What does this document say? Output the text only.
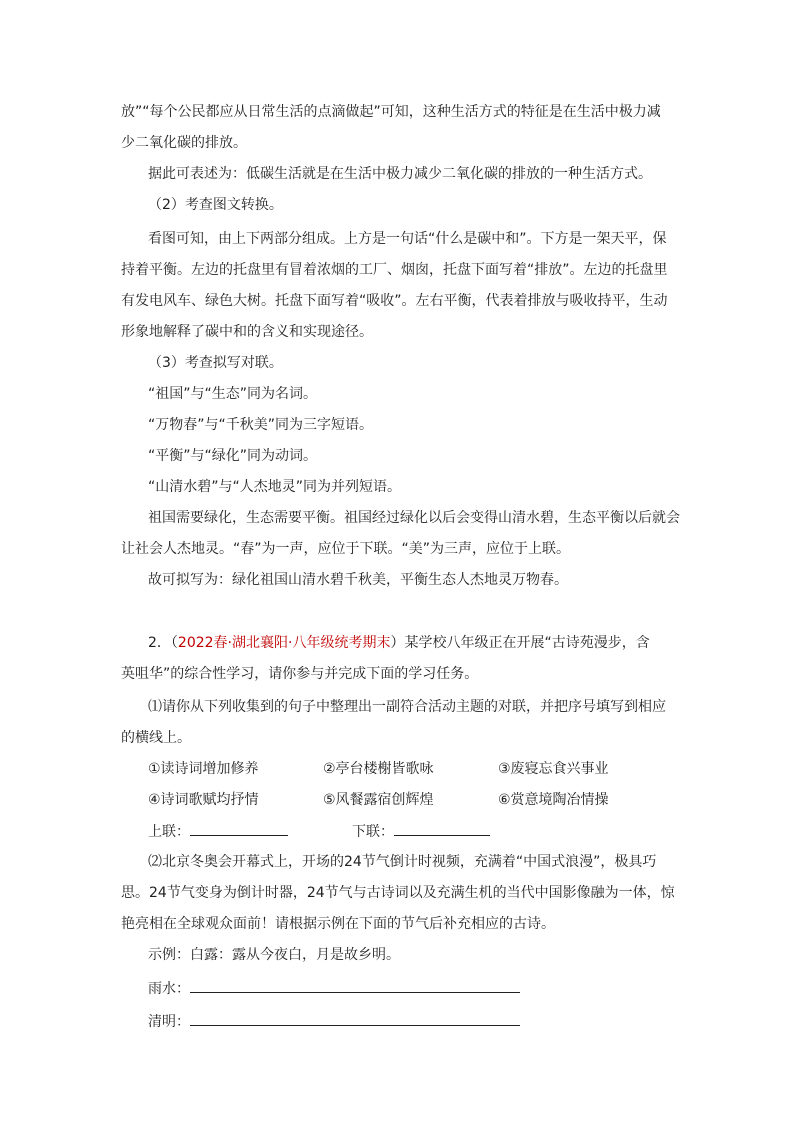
放”“每个公民都应从日常生活的点滴做起”可知，这种生活方式的特征是在生活中极力减
少二氧化碳的排放。
据此可表述为：低碳生活就是在生活中极力减少二氧化碳的排放的一种生活方式。
（2）考查图文转换。
看图可知，由上下两部分组成。上方是一句话“什么是碳中和”。下方是一架天平，保
持着平衡。左边的托盘里有冒着浓烟的工厂、烟囱，托盘下面写着“排放”。左边的托盘里
有发电风车、绿色大树。托盘下面写着“吸收”。左右平衡，代表着排放与吸收持平，生动
形象地解释了碳中和的含义和实现途径。
（3）考查拟写对联。
“祖国”与“生态”同为名词。
“万物春”与“千秋美”同为三字短语。
“平衡”与“绿化”同为动词。
“山清水碧”与“人杰地灵”同为并列短语。
祖国需要绿化，生态需要平衡。祖国经过绿化以后会变得山清水碧，生态平衡以后就会
让社会人杰地灵。“春”为一声，应位于下联。“美”为三声，应位于上联。
故可拟写为：绿化祖国山清水碧千秋美，平衡生态人杰地灵万物春。
2．（2022春·湖北襄阳·八年级统考期末）某学校八年级正在开展“古诗苑漫步，含
英咀华”的综合性学习，请你参与并完成下面的学习任务。
⑴请你从下列收集到的句子中整理出一副符合活动主题的对联，并把序号填写到相应
的横线上。
①读诗词增加修养	②亭台楼榭皆歌咏	③废寝忘食兴事业
④诗词歌赋均抒情	⑤风餐露宿创辉煌	⑥赏意境陶冶情操
上联：	下联：
⑵北京冬奥会开幕式上，开场的24节气倒计时视频，充满着“中国式浪漫”，极具巧
思。24节气变身为倒计时器，24节气与古诗词以及充满生机的当代中国影像融为一体，惊
艳亮相在全球观众面前！请根据示例在下面的节气后补充相应的古诗。
示例：白露：露从今夜白，月是故乡明。
雨水：
清明：
